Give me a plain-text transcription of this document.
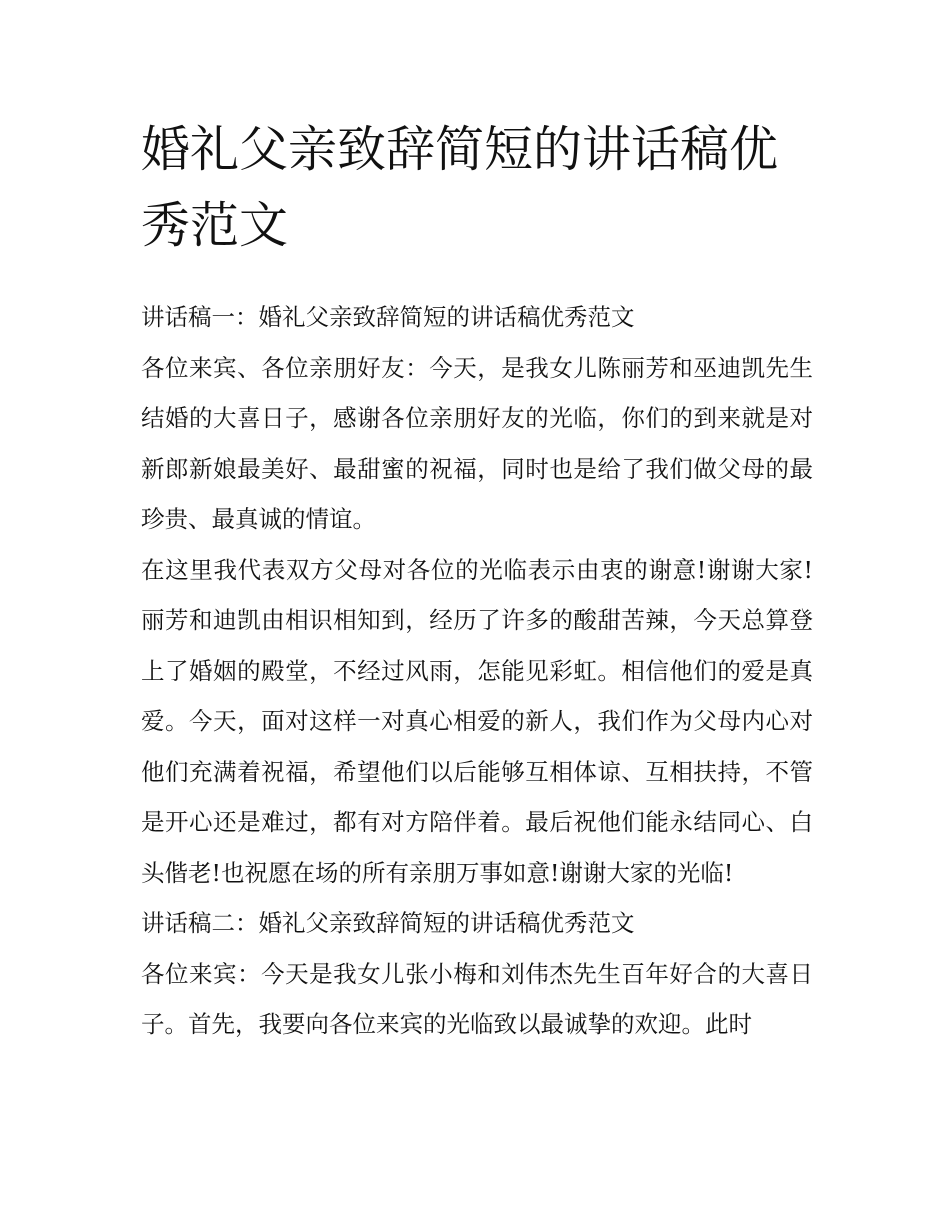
婚礼父亲致辞简短的讲话稿优秀范文

讲话稿一：婚礼父亲致辞简短的讲话稿优秀范文

各位来宾、各位亲朋好友：今天，是我女儿陈丽芳和巫迪凯先生结婚的大喜日子，感谢各位亲朋好友的光临，你们的到来就是对新郎新娘最美好、最甜蜜的祝福，同时也是给了我们做父母的最珍贵、最真诚的情谊。

在这里我代表双方父母对各位的光临表示由衷的谢意!谢谢大家!丽芳和迪凯由相识相知到，经历了许多的酸甜苦辣，今天总算登上了婚姻的殿堂，不经过风雨，怎能见彩虹。相信他们的爱是真爱。今天，面对这样一对真心相爱的新人，我们作为父母内心对他们充满着祝福，希望他们以后能够互相体谅、互相扶持，不管是开心还是难过，都有对方陪伴着。最后祝他们能永结同心、白头偕老!也祝愿在场的所有亲朋万事如意!谢谢大家的光临!

讲话稿二：婚礼父亲致辞简短的讲话稿优秀范文

各位来宾：今天是我女儿张小梅和刘伟杰先生百年好合的大喜日子。首先，我要向各位来宾的光临致以最诚挚的欢迎。此时
